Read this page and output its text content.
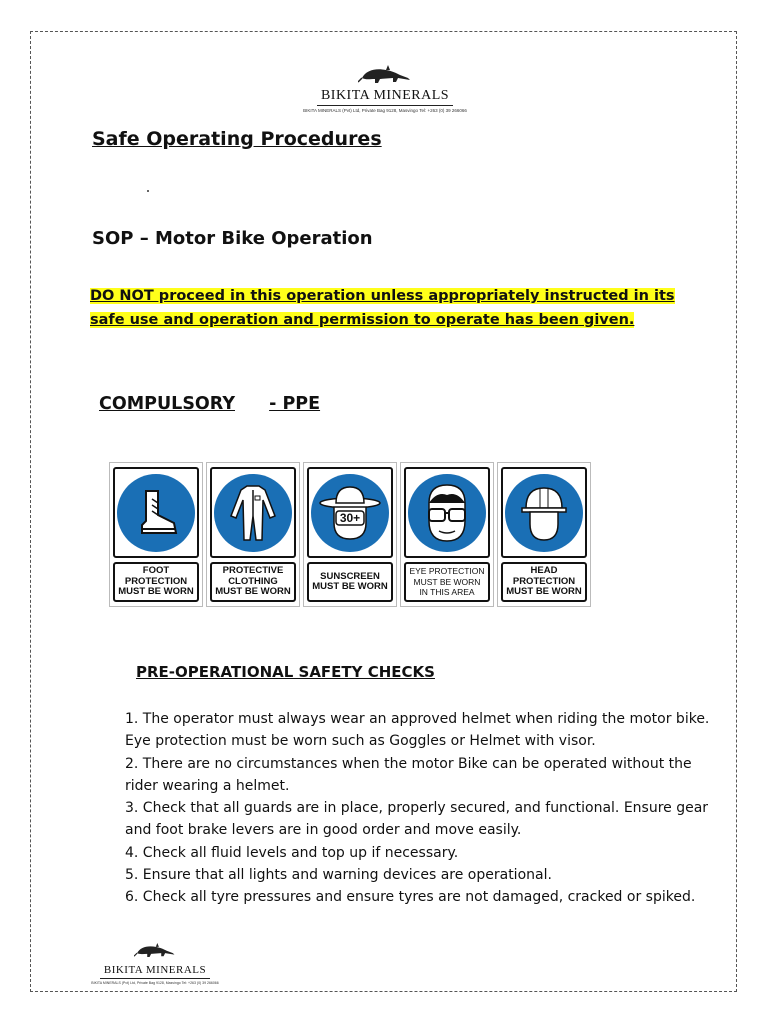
BIKITA MINERALS
BIKITA MINERALS (Pvt) Ltd, Private Bag 9128, Masvingo Tel: +263 (0) 39 266066
Safe Operating Procedures
SOP – Motor Bike Operation
DO NOT proceed in this operation unless appropriately instructed in its safe use and operation and permission to operate has been given.
COMPULSORY - PPE
FOOT
PROTECTION
MUST BE WORN
PROTECTIVE
CLOTHING
MUST BE WORN
30+
SUNSCREEN
MUST BE WORN
EYE PROTECTION
MUST BE WORN
IN THIS AREA
HEAD
PROTECTION
MUST BE WORN
PRE-OPERATIONAL SAFETY CHECKS
1. The operator must always wear an approved helmet when riding the motor bike. Eye protection must be worn such as Goggles or Helmet with visor.
2. There are no circumstances when the motor Bike can be operated without the rider wearing a helmet.
3. Check that all guards are in place, properly secured, and functional. Ensure gear and foot brake levers are in good order and move easily.
4. Check all fluid levels and top up if necessary.
5. Ensure that all lights and warning devices are operational.
6. Check all tyre pressures and ensure tyres are not damaged, cracked or spiked.
BIKITA MINERALS
BIKITA MINERALS (Pvt) Ltd, Private Bag 9128, Masvingo Tel: +263 (0) 39 266066
